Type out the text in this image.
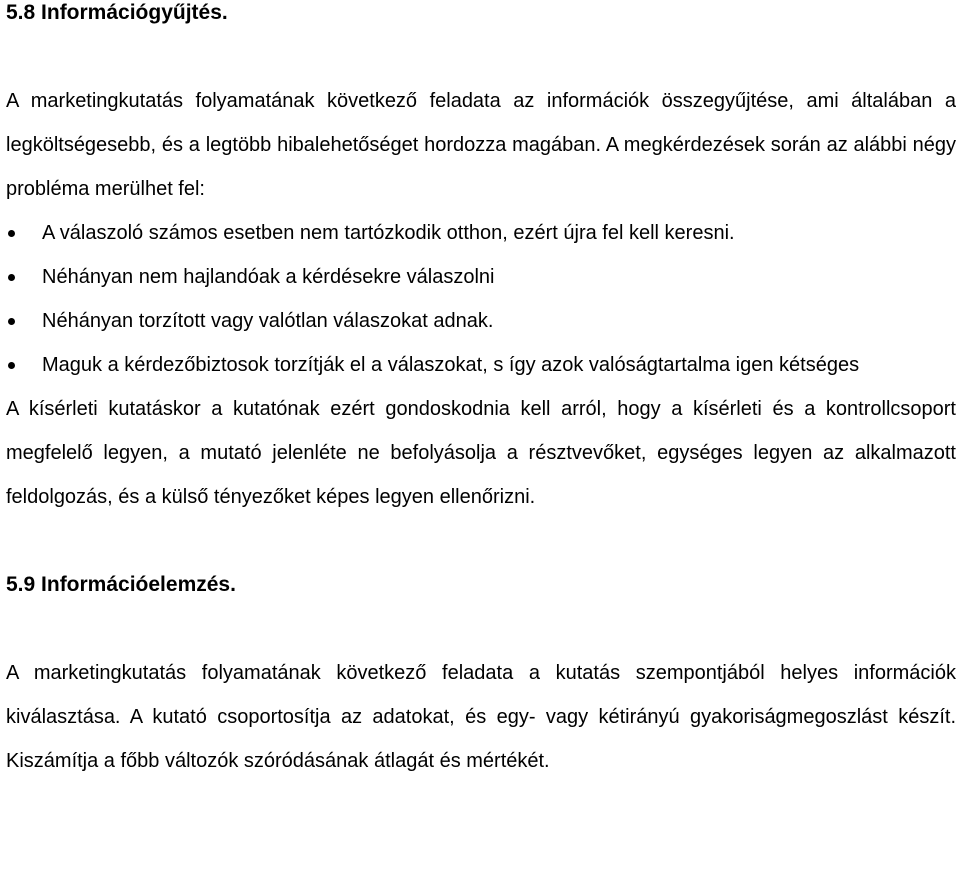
5.8 Információgyűjtés.

A marketingkutatás folyamatának következő feladata az információk összegyűjtése, ami általában a legköltségesebb, és a legtöbb hibalehetőséget hordozza magában. A megkérdezések során az alábbi négy probléma merülhet fel:

A válaszoló számos esetben nem tartózkodik otthon, ezért újra fel kell keresni.
Néhányan nem hajlandóak a kérdésekre válaszolni
Néhányan torzított vagy valótlan válaszokat adnak.
Maguk a kérdezőbiztosok torzítják el a válaszokat, s így azok valóságtartalma igen kétséges

A kísérleti kutatáskor a kutatónak ezért gondoskodnia kell arról, hogy a kísérleti és a kontrollcsoport megfelelő legyen, a mutató jelenléte ne befolyásolja a résztvevőket, egységes legyen az alkalmazott feldolgozás, és a külső tényezőket képes legyen ellenőrizni.

5.9 Információelemzés.

A marketingkutatás folyamatának következő feladata a kutatás szempontjából helyes információk kiválasztása. A kutató csoportosítja az adatokat, és egy- vagy kétirányú gyakoriságmegoszlást készít. Kiszámítja a főbb változók szóródásának átlagát és mértékét.
